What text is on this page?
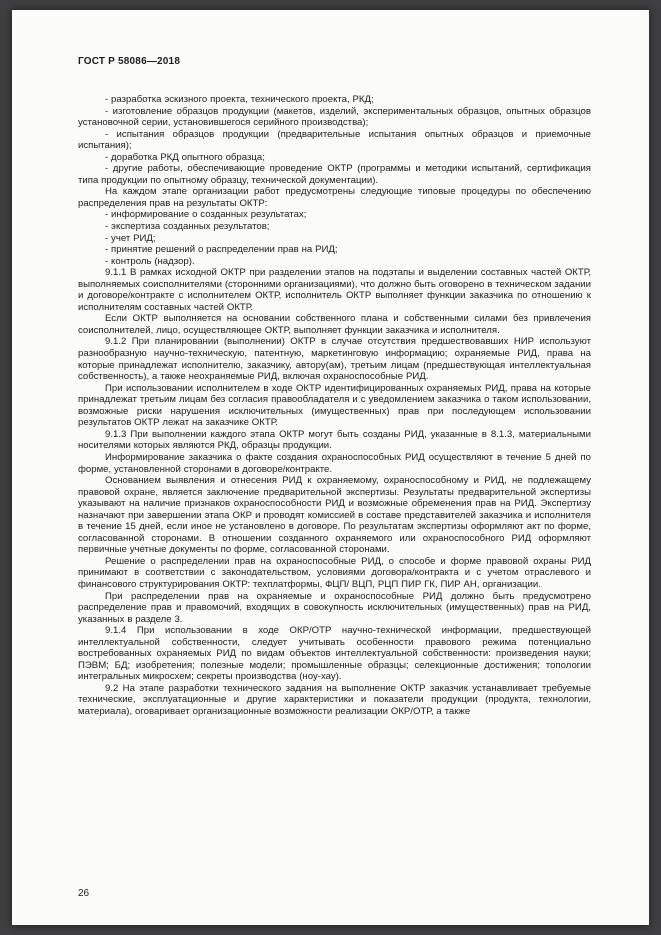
ГОСТ Р 58086—2018

- разработка эскизного проекта, технического проекта, РКД;

- изготовление образцов продукции (макетов, изделий, экспериментальных образцов, опытных образцов установочной серии, установившегося серийного производства);

- испытания образцов продукции (предварительные испытания опытных образцов и приемочные испытания);

- доработка РКД опытного образца;

- другие работы, обеспечивающие проведение ОКТР (программы и методики испытаний, сертификация типа продукции по опытному образцу, технической документации).

На каждом этапе организации работ предусмотрены следующие типовые процедуры по обеспечению распределения прав на результаты ОКТР:

- информирование о созданных результатах;

- экспертиза созданных результатов;

- учет РИД;

- принятие решений о распределении прав на РИД;

- контроль (надзор).

9.1.1 В рамках исходной ОКТР при разделении этапов на подэтапы и выделении составных частей ОКТР, выполняемых соисполнителями (сторонними организациями), что должно быть оговорено в техническом задании и договоре/контракте с исполнителем ОКТР, исполнитель ОКТР выполняет функции заказчика по отношению к исполнителям составных частей ОКТР.

Если ОКТР выполняется на основании собственного плана и собственными силами без привлечения соисполнителей, лицо, осуществляющее ОКТР, выполняет функции заказчика и исполнителя.

9.1.2 При планировании (выполнении) ОКТР в случае отсутствия предшествовавших НИР используют разнообразную научно-техническую, патентную, маркетинговую информацию; охраняемые РИД, права на которые принадлежат исполнителю, заказчику, автору(ам), третьим лицам (предшествующая интеллектуальная собственность), а также неохраняемые РИД, включая охраноспособные РИД.

При использовании исполнителем в ходе ОКТР идентифицированных охраняемых РИД, права на которые принадлежат третьим лицам без согласия правообладателя и с уведомлением заказчика о таком использовании, возможные риски нарушения исключительных (имущественных) прав при последующем использовании результатов ОКТР лежат на заказчике ОКТР.

9.1.3 При выполнении каждого этапа ОКТР могут быть созданы РИД, указанные в 8.1.3, материальными носителями которых являются РКД, образцы продукции.

Информирование заказчика о факте создания охраноспособных РИД осуществляют в течение 5 дней по форме, установленной сторонами в договоре/контракте.

Основанием выявления и отнесения РИД к охраняемому, охраноспособному и РИД, не подлежащему правовой охране, является заключение предварительной экспертизы. Результаты предварительной экспертизы указывают на наличие признаков охраноспособности РИД и возможные обременения прав на РИД. Экспертизу назначают при завершении этапа ОКР и проводят комиссией в составе представителей заказчика и исполнителя в течение 15 дней, если иное не установлено в договоре. По результатам экспертизы оформляют акт по форме, согласованной сторонами. В отношении созданного охраняемого или охраноспособного РИД оформляют первичные учетные документы по форме, согласованной сторонами.

Решение о распределении прав на охраноспособные РИД, о способе и форме правовой охраны РИД принимают в соответствии с законодательством, условиями договора/контракта и с учетом отраслевого и финансового структурирования ОКТР: техплатформы, ФЦП/ ВЦП, РЦП ПИР ГК, ПИР АН, организации.

При распределении прав на охраняемые и охраноспособные РИД должно быть предусмотрено распределение прав и правомочий, входящих в совокупность исключительных (имущественных) прав на РИД, указанных в разделе 3.

9.1.4 При использовании в ходе ОКР/ОТР научно-технической информации, предшествующей интеллектуальной собственности, следует учитывать особенности правового режима потенциально востребованных охраняемых РИД по видам объектов интеллектуальной собственности: произведения науки; ПЭВМ; БД; изобретения; полезные модели; промышленные образцы; селекционные достижения; топологии интегральных микросхем; секреты производства (ноу-хау).

9.2 На этапе разработки технического задания на выполнение ОКТР заказчик устанавливает требуемые технические, эксплуатационные и другие характеристики и показатели продукции (продукта, технологии, материала), оговаривает организационные возможности реализации ОКР/ОТР, а также

26
